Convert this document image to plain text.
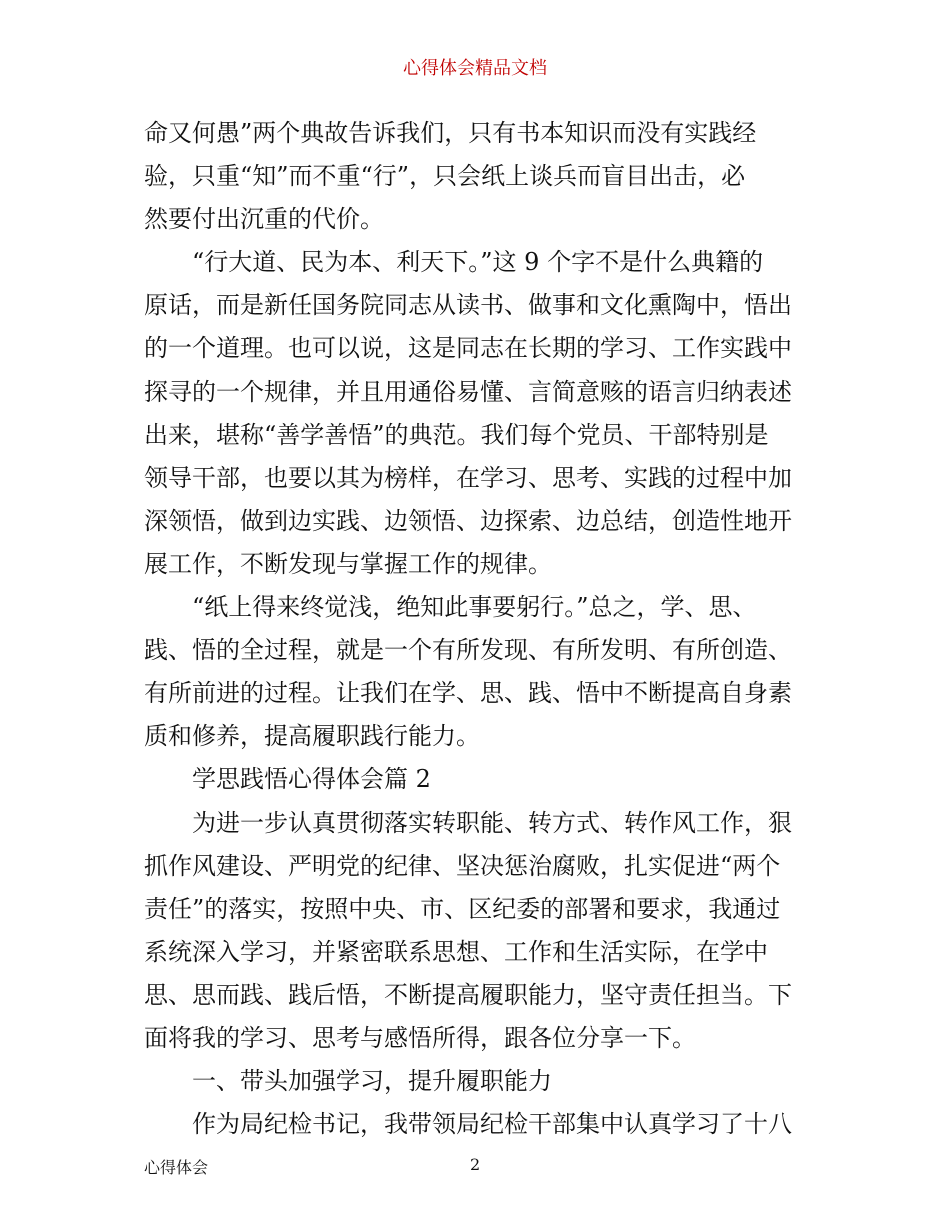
心得体会精品文档
命又何愚”两个典故告诉我们，只有书本知识而没有实践经
验，只重“知”而不重“行”，只会纸上谈兵而盲目出击，必
然要付出沉重的代价。
　　“行大道、民为本、利天下。”这 9 个字不是什么典籍的
原话，而是新任国务院同志从读书、做事和文化熏陶中，悟出
的一个道理。也可以说，这是同志在长期的学习、工作实践中
探寻的一个规律，并且用通俗易懂、言简意赅的语言归纳表述
出来，堪称“善学善悟”的典范。我们每个党员、干部特别是
领导干部，也要以其为榜样，在学习、思考、实践的过程中加
深领悟，做到边实践、边领悟、边探索、边总结，创造性地开
展工作，不断发现与掌握工作的规律。
　　“纸上得来终觉浅，绝知此事要躬行。”总之，学、思、
践、悟的全过程，就是一个有所发现、有所发明、有所创造、
有所前进的过程。让我们在学、思、践、悟中不断提高自身素
质和修养，提高履职践行能力。
　　学思践悟心得体会篇 2
　　为进一步认真贯彻落实转职能、转方式、转作风工作，狠
抓作风建设、严明党的纪律、坚决惩治腐败，扎实促进“两个
责任”的落实，按照中央、市、区纪委的部署和要求，我通过
系统深入学习，并紧密联系思想、工作和生活实际，在学中
思、思而践、践后悟，不断提高履职能力，坚守责任担当。下
面将我的学习、思考与感悟所得，跟各位分享一下。
　　一、带头加强学习，提升履职能力
　　作为局纪检书记，我带领局纪检干部集中认真学习了十八
心得体会	2
